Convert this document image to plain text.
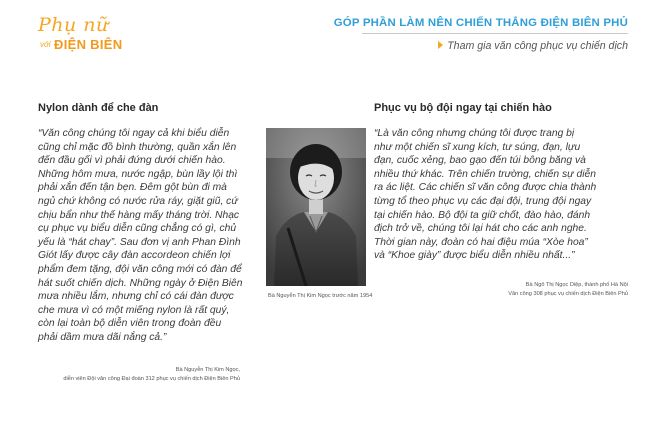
Phụ nữ
với ĐIỆN BIÊN
GÓP PHẦN LÀM NÊN CHIẾN THẮNG ĐIỆN BIÊN PHỦ
Tham gia văn công phục vụ chiến dịch
Nylon dành để che đàn
“Văn công chúng tôi ngay cả khi biểu diễn
cũng chỉ mặc đồ bình thường, quần xắn lên
đến đầu gối vì phải đứng dưới chiến hào.
Những hôm mưa, nước ngập, bùn lầy lội thì
phải xắn đến tận bẹn. Đêm gột bùn đi mà
ngủ chứ không có nước rửa ráy, giặt giũ, cứ
chịu bẩn như thế hàng mấy tháng trời. Nhạc
cụ phục vụ biểu diễn cũng chẳng có gì, chủ
yếu là “hát chay”. Sau đơn vị anh Phan Đình
Giót lấy được cây đàn accordeon chiến lợi
phẩm đem tặng, đội văn công mới có đàn để
hát suốt chiến dịch. Những ngày ở Điện Biên
mưa nhiều lắm, nhưng chỉ có cái đàn được
che mưa vì có một miếng nylon là rất quý,
còn lại toàn bộ diễn viên trong đoàn đều
phải dầm mưa dãi nắng cả.”
Bà Nguyễn Thị Kim Ngọc,
diễn viên Đội văn công Đại đoàn 312 phục vụ chiến dịch Điện Biên Phủ
Bà Nguyễn Thị Kim Ngọc trước năm 1954
Phục vụ bộ đội ngay tại chiến hào
“Là văn công nhưng chúng tôi được trang bị
như một chiến sĩ xung kích, tư súng, đạn, lựu
đạn, cuốc xẻng, bao gạo đến túi bông băng và
nhiều thứ khác. Trên chiến trường, chiến sự diễn
ra ác liệt. Các chiến sĩ văn công được chia thành
từng tổ theo phục vụ các đại đội, trung đội ngay
tại chiến hào. Bộ đội ta giữ chốt, đào hào, đánh
địch trở về, chúng tôi lại hát cho các anh nghe.
Thời gian này, đoàn có hai điệu múa “Xòe hoa”
và “Khoe giày” được biểu diễn nhiều nhất...”
Bà Ngô Thị Ngọc Diệp, thành phố Hà Nội
Văn công 308 phục vụ chiến dịch Điện Biên Phủ
